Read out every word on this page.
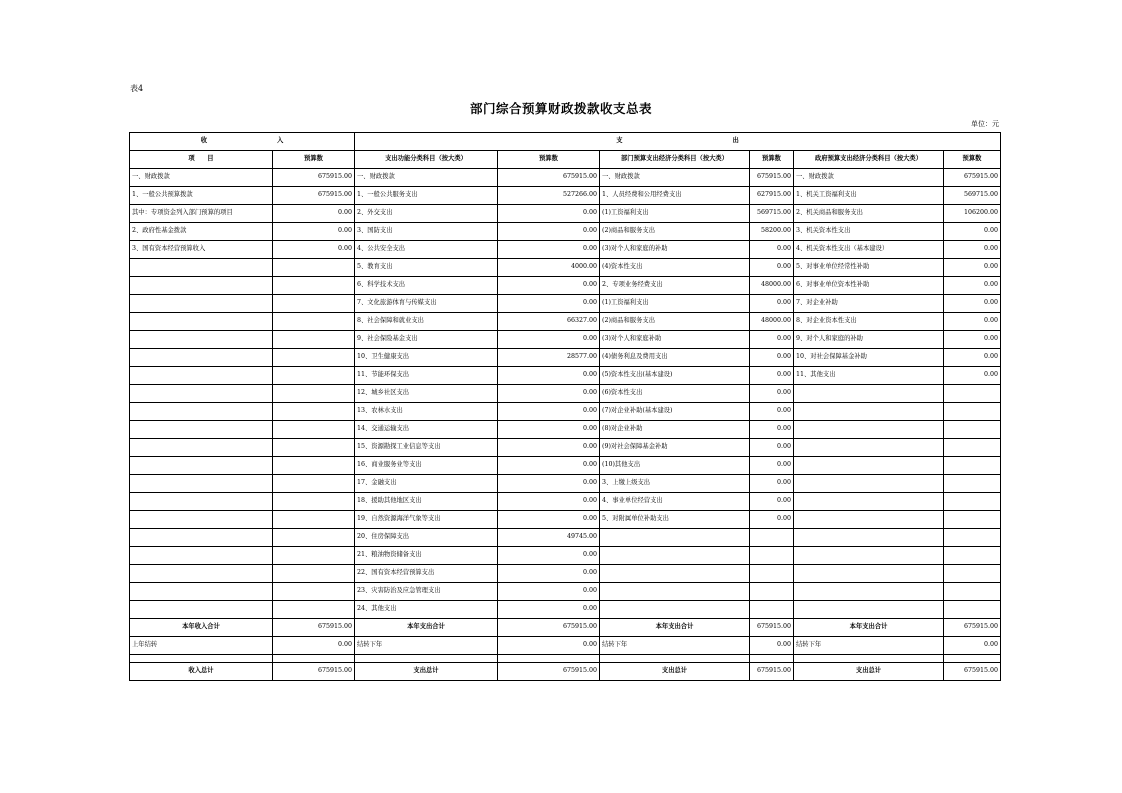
表4
部门综合预算财政拨款收支总表
单位：元
收 入		支 出					
项　　目	预算数	支出功能分类科目（按大类）	预算数	部门预算支出经济分类科目（按大类）	预算数	政府预算支出经济分类科目（按大类）	预算数
一、财政拨款	675915.00	一、财政拨款	675915.00	一、财政拨款	675915.00	一、财政拨款	675915.00
1、一般公共预算拨款	675915.00	1、一般公共服务支出	527266.00	1、人员经费和公用经费支出	627915.00	1、机关工资福利支出	569715.00
其中：专项资金列入部门预算的项目	0.00	2、外交支出	0.00	(1)工资福利支出	569715.00	2、机关商品和服务支出	106200.00
2、政府性基金拨款	0.00	3、国防支出	0.00	(2)商品和服务支出	58200.00	3、机关资本性支出	0.00
3、国有资本经营预算收入	0.00	4、公共安全支出	0.00	(3)对个人和家庭的补助	0.00	4、机关资本性支出（基本建设）	0.00
		5、教育支出	4000.00	(4)资本性支出	0.00	5、对事业单位经常性补助	0.00
		6、科学技术支出	0.00	2、专项业务经费支出	48000.00	6、对事业单位资本性补助	0.00
		7、文化旅游体育与传媒支出	0.00	(1)工资福利支出	0.00	7、对企业补助	0.00
		8、社会保障和就业支出	66327.00	(2)商品和服务支出	48000.00	8、对企业资本性支出	0.00
		9、社会保险基金支出	0.00	(3)对个人和家庭补助	0.00	9、对个人和家庭的补助	0.00
		10、卫生健康支出	28577.00	(4)债务利息及费用支出	0.00	10、对社会保障基金补助	0.00
		11、节能环保支出	0.00	(5)资本性支出(基本建设)	0.00	11、其他支出	0.00
		12、城乡社区支出	0.00	(6)资本性支出	0.00		
		13、农林水支出	0.00	(7)对企业补助(基本建设)	0.00		
		14、交通运输支出	0.00	(8)对企业补助	0.00		
		15、资源勘探工业信息等支出	0.00	(9)对社会保障基金补助	0.00		
		16、商业服务业等支出	0.00	(10)其他支出	0.00		
		17、金融支出	0.00	3、上缴上级支出	0.00		
		18、援助其他地区支出	0.00	4、事业单位经营支出	0.00		
		19、自然资源海洋气象等支出	0.00	5、对附属单位补助支出	0.00		
		20、住房保障支出	49745.00				
		21、粮油物资储备支出	0.00				
		22、国有资本经营预算支出	0.00				
		23、灾害防治及应急管理支出	0.00				
		24、其他支出	0.00				
本年收入合计	675915.00	本年支出合计	675915.00	本年支出合计	675915.00	本年支出合计	675915.00
上年结转	0.00	结转下年	0.00	结转下年	0.00	结转下年	0.00

收入总计	675915.00	支出总计	675915.00	支出总计	675915.00	支出总计	675915.00
